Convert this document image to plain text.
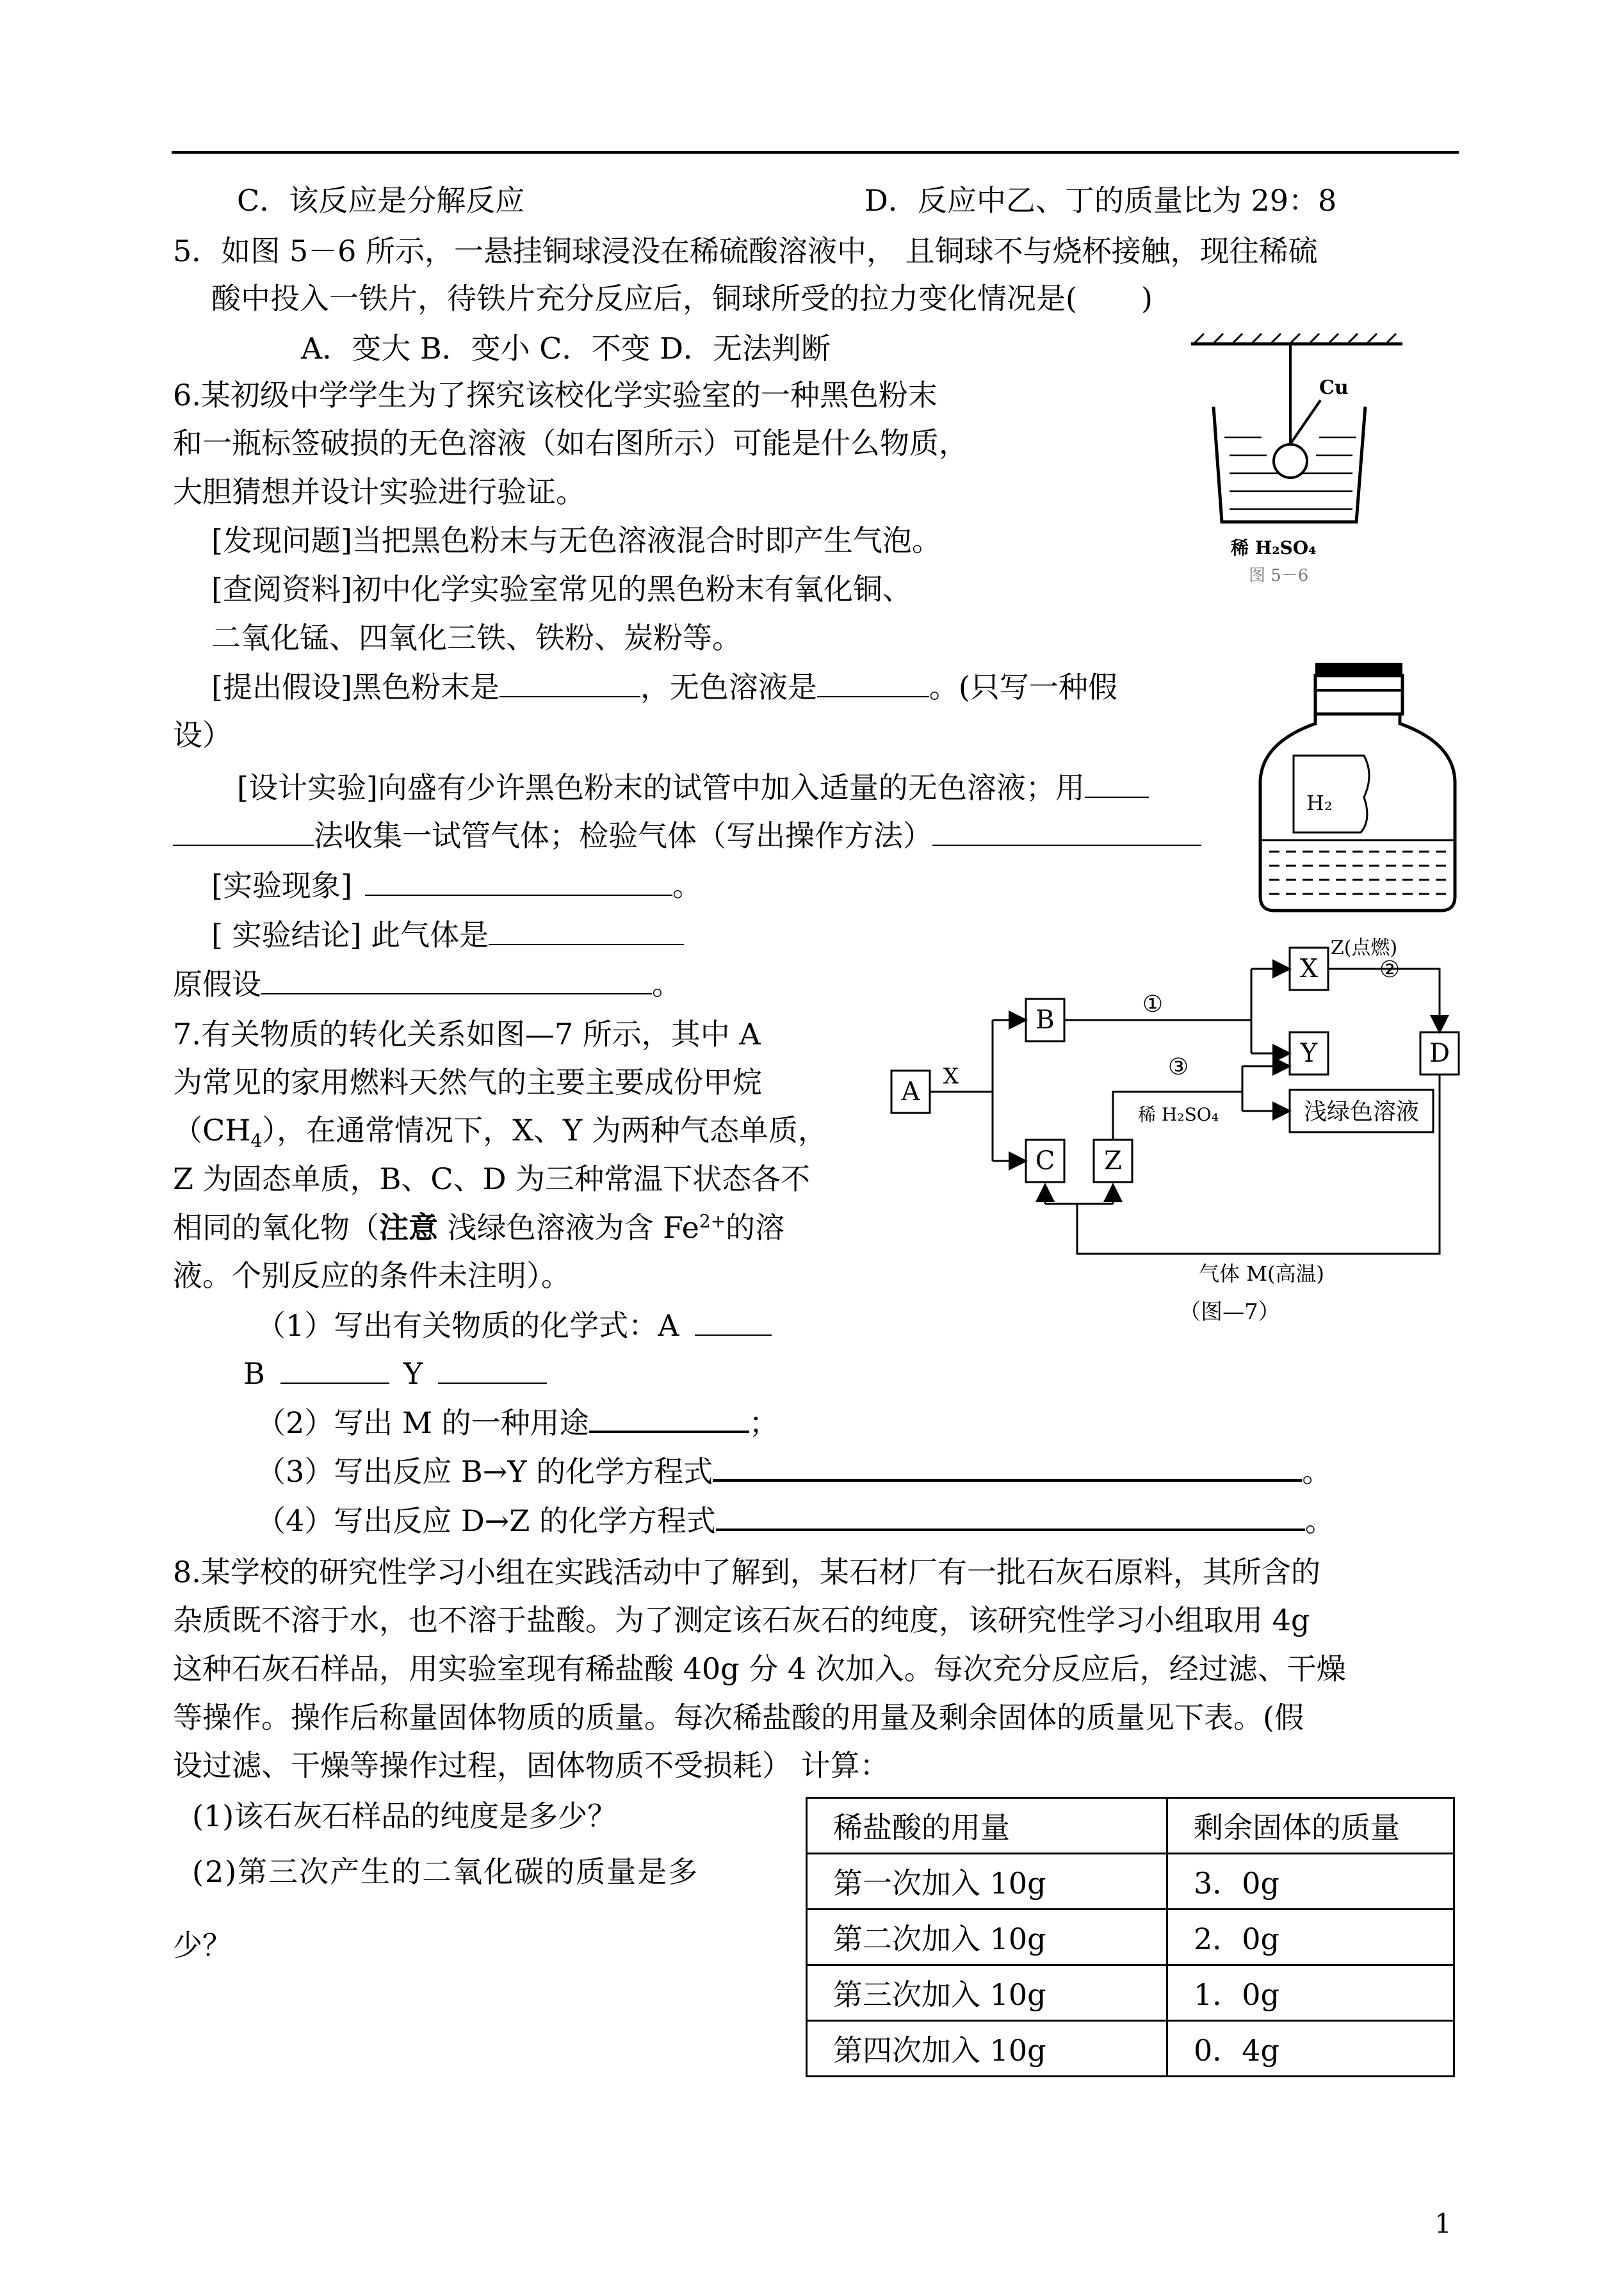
C．该反应是分解反应	D．反应中乙、丁的质量比为 29：8
5．如图 5－6 所示，一悬挂铜球浸没在稀硫酸溶液中， 且铜球不与烧杯接触，现往稀硫
酸中投入一铁片，待铁片充分反应后，铜球所受的拉力变化情况是( )
A．变大 B．变小 C．不变 D．无法判断
Cu
稀 H₂SO₄
图 5－6
6.某初级中学学生为了探究该校化学实验室的一种黑色粉末
和一瓶标签破损的无色溶液（如右图所示）可能是什么物质，
大胆猜想并设计实验进行验证。
[发现问题]当把黑色粉末与无色溶液混合时即产生气泡。
[查阅资料]初中化学实验室常见的黑色粉末有氧化铜、
二氧化锰、四氧化三铁、铁粉、炭粉等。
[提出假设]黑色粉末是	，无色溶液是	。(只写一种假
设）
[设计实验]向盛有少许黑色粉末的试管中加入适量的无色溶液；用
法收集一试管气体；检验气体（写出操作方法）
[实验现象]	。
[ 实验结论] 此气体是
原假设	。
H₂
7.有关物质的转化关系如图—7 所示，其中 A
为常见的家用燃料天然气的主要主要成份甲烷
$(CH_4)$，在通常情况下，X、Y 为两种气态单质，
Z 为固态单质，B、C、D 为三种常温下状态各不
相同的氧化物（注意 浅绿色溶液为含 $Fe^{2+}$的溶
液。个别反应的条件未注明）。
（1）写出有关物质的化学式：A
B	Y
（2）写出 M 的一种用途	；
（3）写出反应 B→Y 的化学方程式	。
（4）写出反应 D→Z 的化学方程式	。
A
B
C Z
X
Y	D
X
①
②
Z(点燃)
③
稀 H₂SO₄	浅绿色溶液
气体 M(高温)
（图—7）
8.某学校的研究性学习小组在实践活动中了解到，某石材厂有一批石灰石原料，其所含的
杂质既不溶于水，也不溶于盐酸。为了测定该石灰石的纯度，该研究性学习小组取用 4g
这种石灰石样品，用实验室现有稀盐酸 40g 分 4 次加入。每次充分反应后，经过滤、干燥
等操作。操作后称量固体物质的质量。每次稀盐酸的用量及剩余固体的质量见下表。(假
设过滤、干燥等操作过程，固体物质不受损耗） 计算：
(1)该石灰石样品的纯度是多少？
(2)第三次产生的二氧化碳的质量是多
少？
稀盐酸的用量	剩余固体的质量
第一次加入 10g	3．0g
第二次加入 10g	2．0g
第三次加入 10g	1．0g
第四次加入 10g	0．4g
1
